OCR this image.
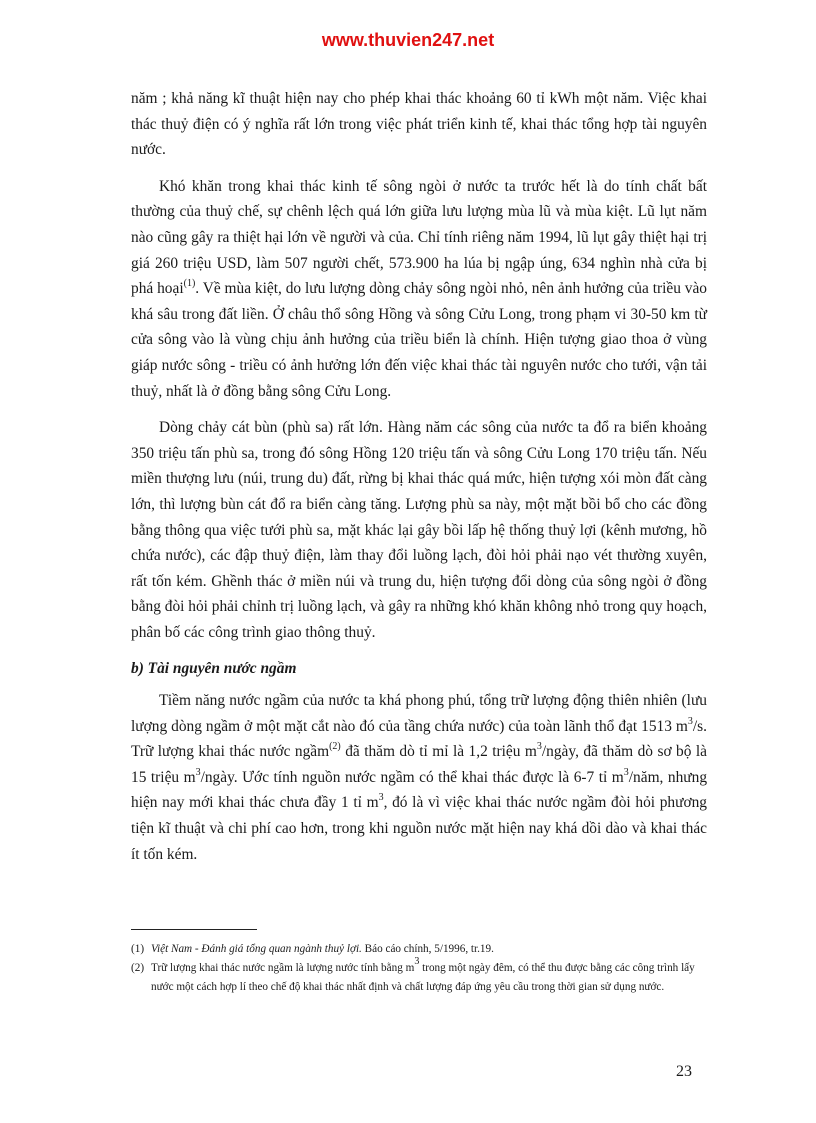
www.thuvien247.net

năm ; khả năng kĩ thuật hiện nay cho phép khai thác khoảng 60 tỉ kWh một năm. Việc khai thác thuỷ điện có ý nghĩa rất lớn trong việc phát triển kinh tế, khai thác tổng hợp tài nguyên nước.

Khó khăn trong khai thác kinh tế sông ngòi ở nước ta trước hết là do tính chất bất thường của thuỷ chế, sự chênh lệch quá lớn giữa lưu lượng mùa lũ và mùa kiệt. Lũ lụt năm nào cũng gây ra thiệt hại lớn về người và của. Chỉ tính riêng năm 1994, lũ lụt gây thiệt hại trị giá 260 triệu USD, làm 507 người chết, 573.900 ha lúa bị ngập úng, 634 nghìn nhà cửa bị phá hoại$^{(1)}$. Về mùa kiệt, do lưu lượng dòng chảy sông ngòi nhỏ, nên ảnh hưởng của triều vào khá sâu trong đất liền. Ở châu thổ sông Hồng và sông Cửu Long, trong phạm vi 30-50 km từ cửa sông vào là vùng chịu ảnh hưởng của triều biển là chính. Hiện tượng giao thoa ở vùng giáp nước sông - triều có ảnh hưởng lớn đến việc khai thác tài nguyên nước cho tưới, vận tải thuỷ, nhất là ở đồng bằng sông Cửu Long.

Dòng chảy cát bùn (phù sa) rất lớn. Hàng năm các sông của nước ta đổ ra biển khoảng 350 triệu tấn phù sa, trong đó sông Hồng 120 triệu tấn và sông Cửu Long 170 triệu tấn. Nếu miền thượng lưu (núi, trung du) đất, rừng bị khai thác quá mức, hiện tượng xói mòn đất càng lớn, thì lượng bùn cát đổ ra biển càng tăng. Lượng phù sa này, một mặt bồi bổ cho các đồng bằng thông qua việc tưới phù sa, mặt khác lại gây bồi lấp hệ thống thuỷ lợi (kênh mương, hồ chứa nước), các đập thuỷ điện, làm thay đổi luồng lạch, đòi hỏi phải nạo vét thường xuyên, rất tốn kém. Ghềnh thác ở miền núi và trung du, hiện tượng đổi dòng của sông ngòi ở đồng bằng đòi hỏi phải chỉnh trị luồng lạch, và gây ra những khó khăn không nhỏ trong quy hoạch, phân bố các công trình giao thông thuỷ.

b) Tài nguyên nước ngầm

Tiềm năng nước ngầm của nước ta khá phong phú, tổng trữ lượng động thiên nhiên (lưu lượng dòng ngầm ở một mặt cắt nào đó của tầng chứa nước) của toàn lãnh thổ đạt 1513 $m^3/s$. Trữ lượng khai thác nước ngầm$^{(2)}$ đã thăm dò tỉ mỉ là 1,2 triệu $m^3$/ngày, đã thăm dò sơ bộ là 15 triệu $m^3$/ngày. Ước tính nguồn nước ngầm có thể khai thác được là 6-7 tỉ $m^3$/năm, nhưng hiện nay mới khai thác chưa đầy 1 tỉ $m^3$, đó là vì việc khai thác nước ngầm đòi hỏi phương tiện kĩ thuật và chi phí cao hơn, trong khi nguồn nước mặt hiện nay khá dồi dào và khai thác ít tốn kém.

(1) Việt Nam - Đánh giá tổng quan ngành thuỷ lợi. Báo cáo chính, 5/1996, tr.19.
(2) Trữ lượng khai thác nước ngầm là lượng nước tính bằng $m^3$ trong một ngày đêm, có thể thu được bằng các công trình lấy nước một cách hợp lí theo chế độ khai thác nhất định và chất lượng đáp ứng yêu cầu trong thời gian sử dụng nước.
23
